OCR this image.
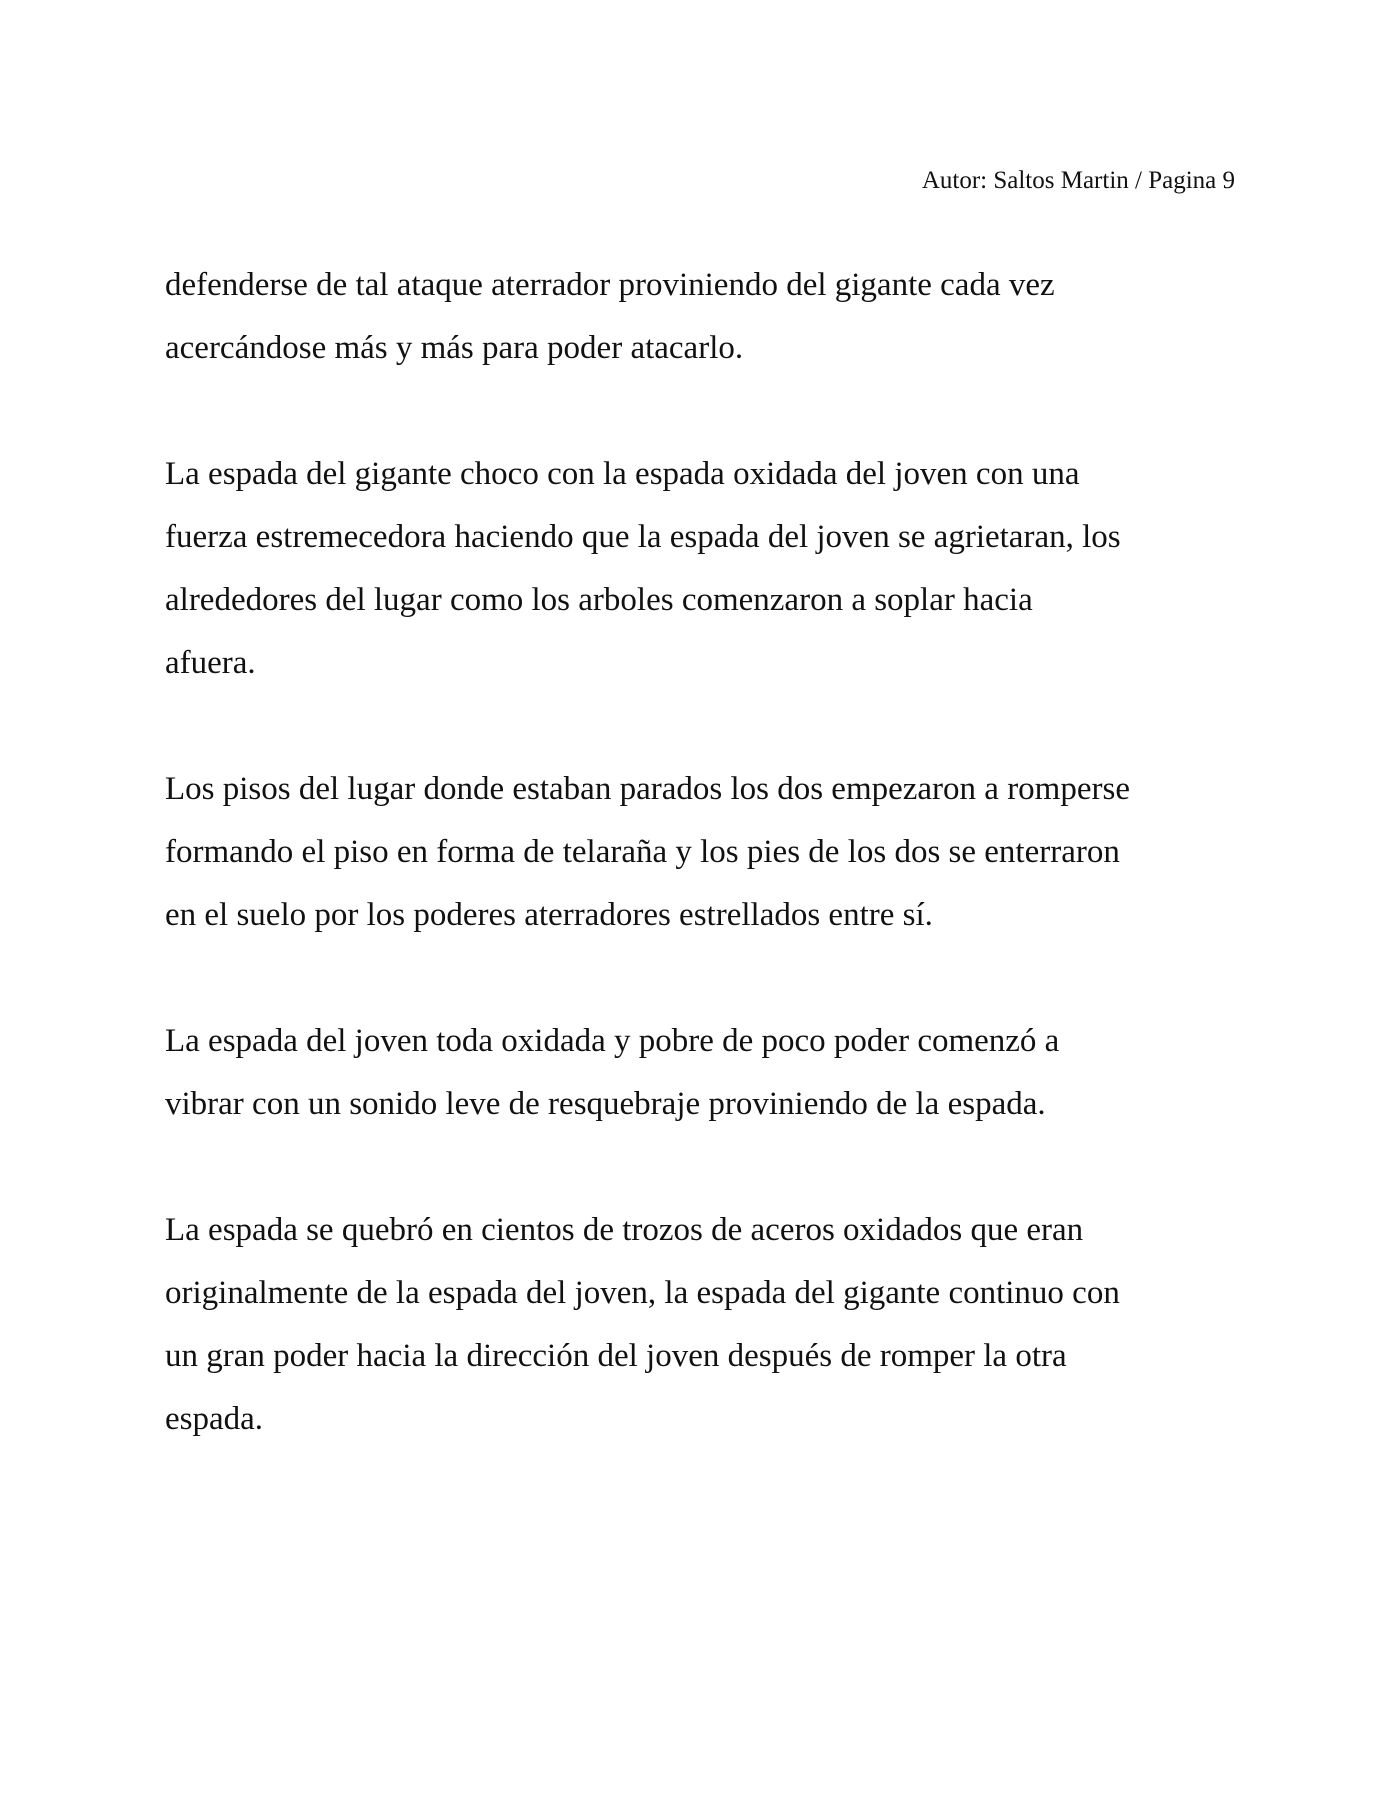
Autor: Saltos Martin / Pagina 9

defenderse de tal ataque aterrador proviniendo del gigante cada vez
acercándose más y más para poder atacarlo.

La espada del gigante choco con la espada oxidada del joven con una
fuerza estremecedora haciendo que la espada del joven se agrietaran, los
alrededores del lugar como los arboles comenzaron a soplar hacia
afuera.

Los pisos del lugar donde estaban parados los dos empezaron a romperse
formando el piso en forma de telaraña y los pies de los dos se enterraron
en el suelo por los poderes aterradores estrellados entre sí.

La espada del joven toda oxidada y pobre de poco poder comenzó a
vibrar con un sonido leve de resquebraje proviniendo de la espada.

La espada se quebró en cientos de trozos de aceros oxidados que eran
originalmente de la espada del joven, la espada del gigante continuo con
un gran poder hacia la dirección del joven después de romper la otra
espada.
